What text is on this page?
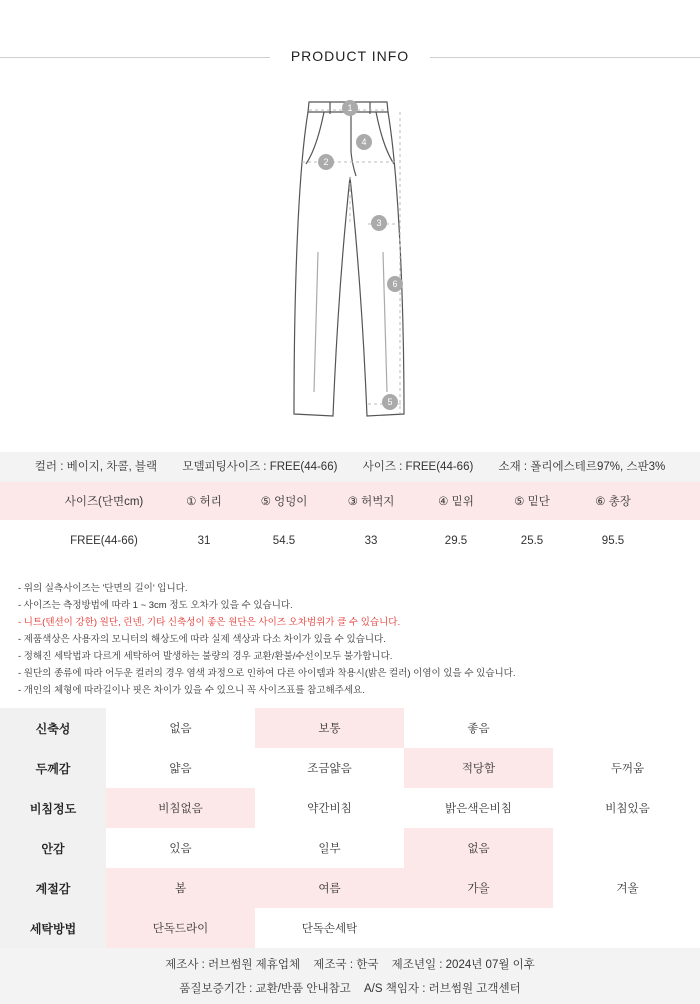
PRODUCT INFO
1
2
3
4
5
6
컬러 : 베이지, 차콜, 블랙 모델피팅사이즈 : FREE(44-66) 사이즈 : FREE(44-66) 소재 : 폴리에스테르97%, 스판3%
사이즈(단면cm)	① 허리	⑤ 엉덩이	③ 허벅지	④ 밑위	⑤ 밑단	⑥ 총장
FREE(44-66)	31	54.5	33	29.5	25.5	95.5
- 위의 실측사이즈는 '단면의 길이' 입니다.
- 사이즈는 측정방법에 따라 1 ~ 3cm 정도 오차가 있을 수 있습니다.
- 니트(텐션이 강한) 원단, 린넨, 기타 신축성이 좋은 원단은 사이즈 오차범위가 클 수 있습니다.
- 제품색상은 사용자의 모니터의 해상도에 따라 실제 색상과 다소 차이가 있을 수 있습니다.
- 정해진 세탁법과 다르게 세탁하여 발생하는 불량의 경우 교환/환불/수선이모두 불가합니다.
- 원단의 종류에 따라 어두운 컬러의 경우 염색 과정으로 인하여 다른 아이템과 착용시(밝은 컬러) 이염이 있을 수 있습니다.
- 개인의 체형에 따라길이나 핏은 차이가 있을 수 있으니 꼭 사이즈표를 참고해주세요.
신축성	없음	보통	좋음
두께감	얇음	조금얇음	적당함	두꺼움
비침정도	비침없음	약간비침	밝은색은비침	비침있음
안감	있음	일부	없음
계절감	봄	여름	가을	겨울
세탁방법	단독드라이	단독손세탁
제조사 : 러브썸원 제휴업체 제조국 : 한국 제조년일 : 2024년 07월 이후
품질보증기간 : 교환/반품 안내참고 A/S 책임자 : 러브썸원 고객센터
